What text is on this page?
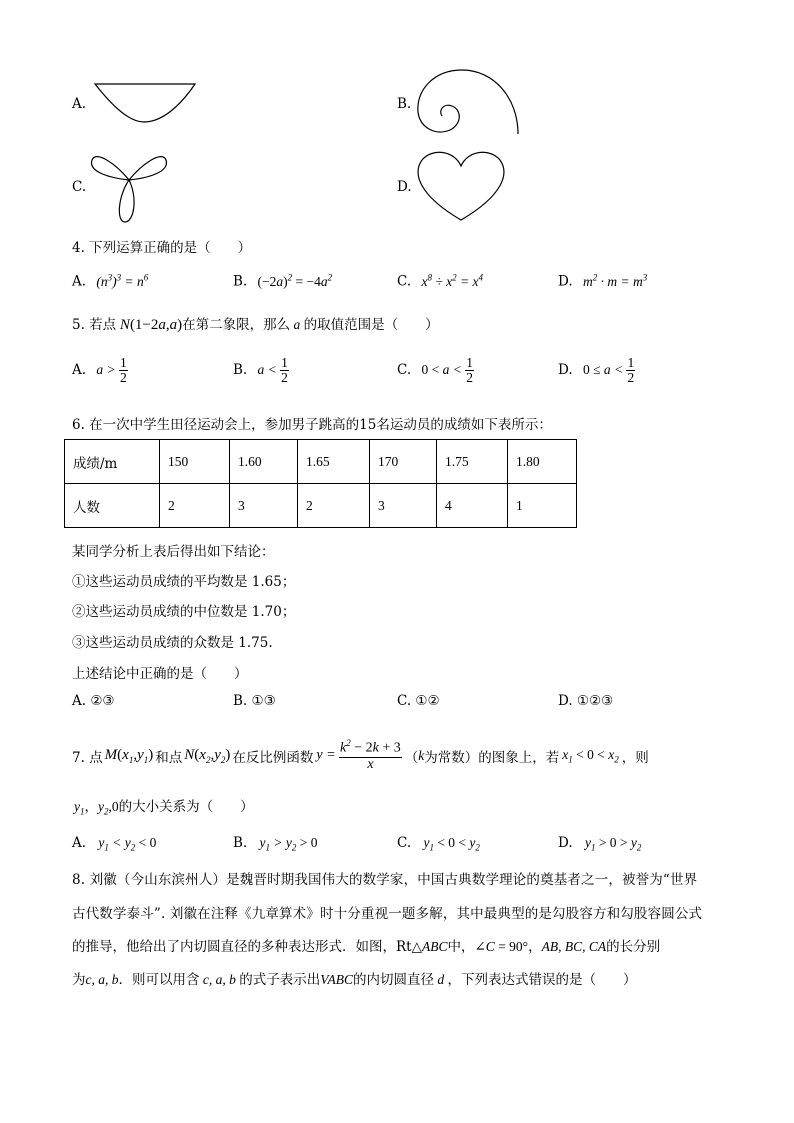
A.	B.
C.	D.
4. 下列运算正确的是（　　）
A. $(n^3)^3 = n^6$	B. $(-2a)^2 = -4a^2$	C. $x^8 \div x^2 = x^4$	D. $m^2 \cdot m = m^3$
5. 若点 N(1−2a,a)在第二象限，那么 a 的取值范围是（　　）
A. $a > \frac{1}{2}$	B. $a < \frac{1}{2}$	C. $0 < a < \frac{1}{2}$	D. $0 \le a < \frac{1}{2}$
6. 在一次中学生田径运动会上，参加男子跳高的15名运动员的成绩如下表所示：
成绩/m	150	1.60	1.65	170	1.75	1.80
人数	2	3	2	3	4	1
某同学分析上表后得出如下结论：
①这些运动员成绩的平均数是 1.65；
②这些运动员成绩的中位数是 1.70；
③这些运动员成绩的众数是 1.75.
上述结论中正确的是（　　）
A. ②③	B. ①③	C. ①②	D. ①②③
7. 点 $M(x_1,y_1)$ 和点 $N(x_2,y_2)$ 在反比例函数 $y = \frac{k^2 - 2k + 3}{x}$ （ k 为常数）的图象上，若 $x_1 < 0 < x_2$ ，则
$y_1$，$y_2,0$的大小关系为（　　）
A. $y_1 < y_2 < 0$	B. $y_1 > y_2 > 0$	C. $y_1 < 0 < y_2$	D. $y_1 > 0 > y_2$
8. 刘徽（今山东滨州人）是魏晋时期我国伟大的数学家，中国古典数学理论的奠基者之一，被誉为“世界
古代数学泰斗”. 刘徽在注释《九章算术》时十分重视一题多解，其中最典型的是勾股容方和勾股容圆公式
的推导，他给出了内切圆直径的多种表达形式．如图，Rt△ABC中，∠C = 90°，AB, BC, CA的长分别
为c, a, b．则可以用含 c, a, b 的式子表示出VABC的内切圆直径 d ，下列表达式错误的是（　　）
